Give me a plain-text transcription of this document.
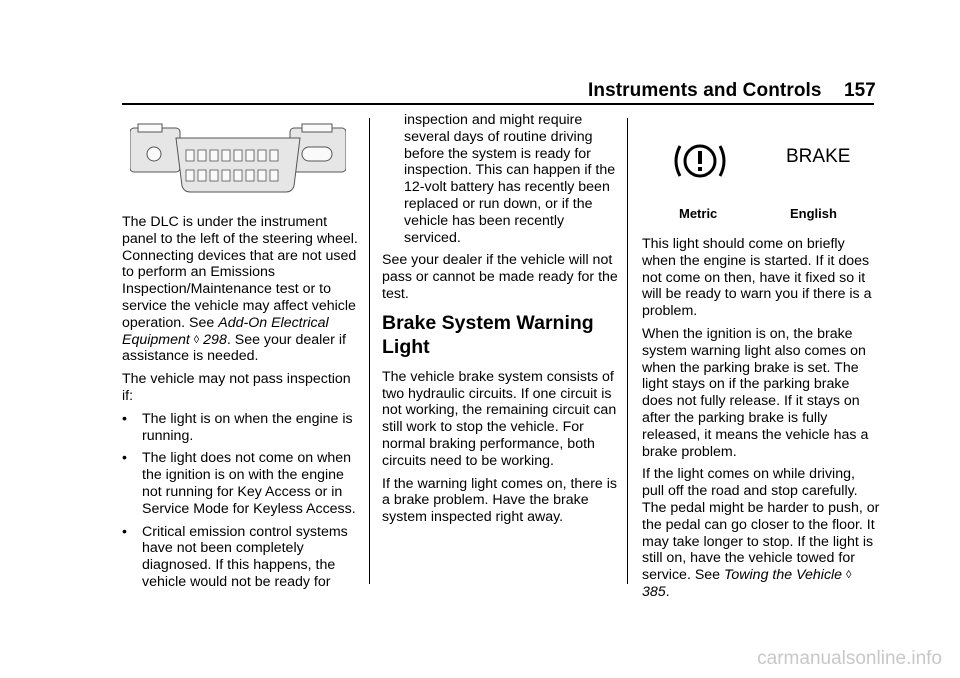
Instruments and Controls 157

The DLC is under the instrument panel to the left of the steering wheel. Connecting devices that are not used to perform an Emissions Inspection/Maintenance test or to service the vehicle may affect vehicle operation. See Add-On Electrical Equipment ◊ 298. See your dealer if assistance is needed.

The vehicle may not pass inspection if:

• The light is on when the engine is running.
• The light does not come on when the ignition is on with the engine not running for Key Access or in Service Mode for Keyless Access.
• Critical emission control systems have not been completely diagnosed. If this happens, the vehicle would not be ready for

inspection and might require several days of routine driving before the system is ready for inspection. This can happen if the 12-volt battery has recently been replaced or run down, or if the vehicle has been recently serviced.

See your dealer if the vehicle will not pass or cannot be made ready for the test.

Brake System Warning Light

The vehicle brake system consists of two hydraulic circuits. If one circuit is not working, the remaining circuit can still work to stop the vehicle. For normal braking performance, both circuits need to be working.

If the warning light comes on, there is a brake problem. Have the brake system inspected right away.

BRAKE
Metric	English

This light should come on briefly when the engine is started. If it does not come on then, have it fixed so it will be ready to warn you if there is a problem.

When the ignition is on, the brake system warning light also comes on when the parking brake is set. The light stays on if the parking brake does not fully release. If it stays on after the parking brake is fully released, it means the vehicle has a brake problem.

If the light comes on while driving, pull off the road and stop carefully. The pedal might be harder to push, or the pedal can go closer to the floor. It may take longer to stop. If the light is still on, have the vehicle towed for service. See Towing the Vehicle ◊ 385.

carmanualsonline.info
